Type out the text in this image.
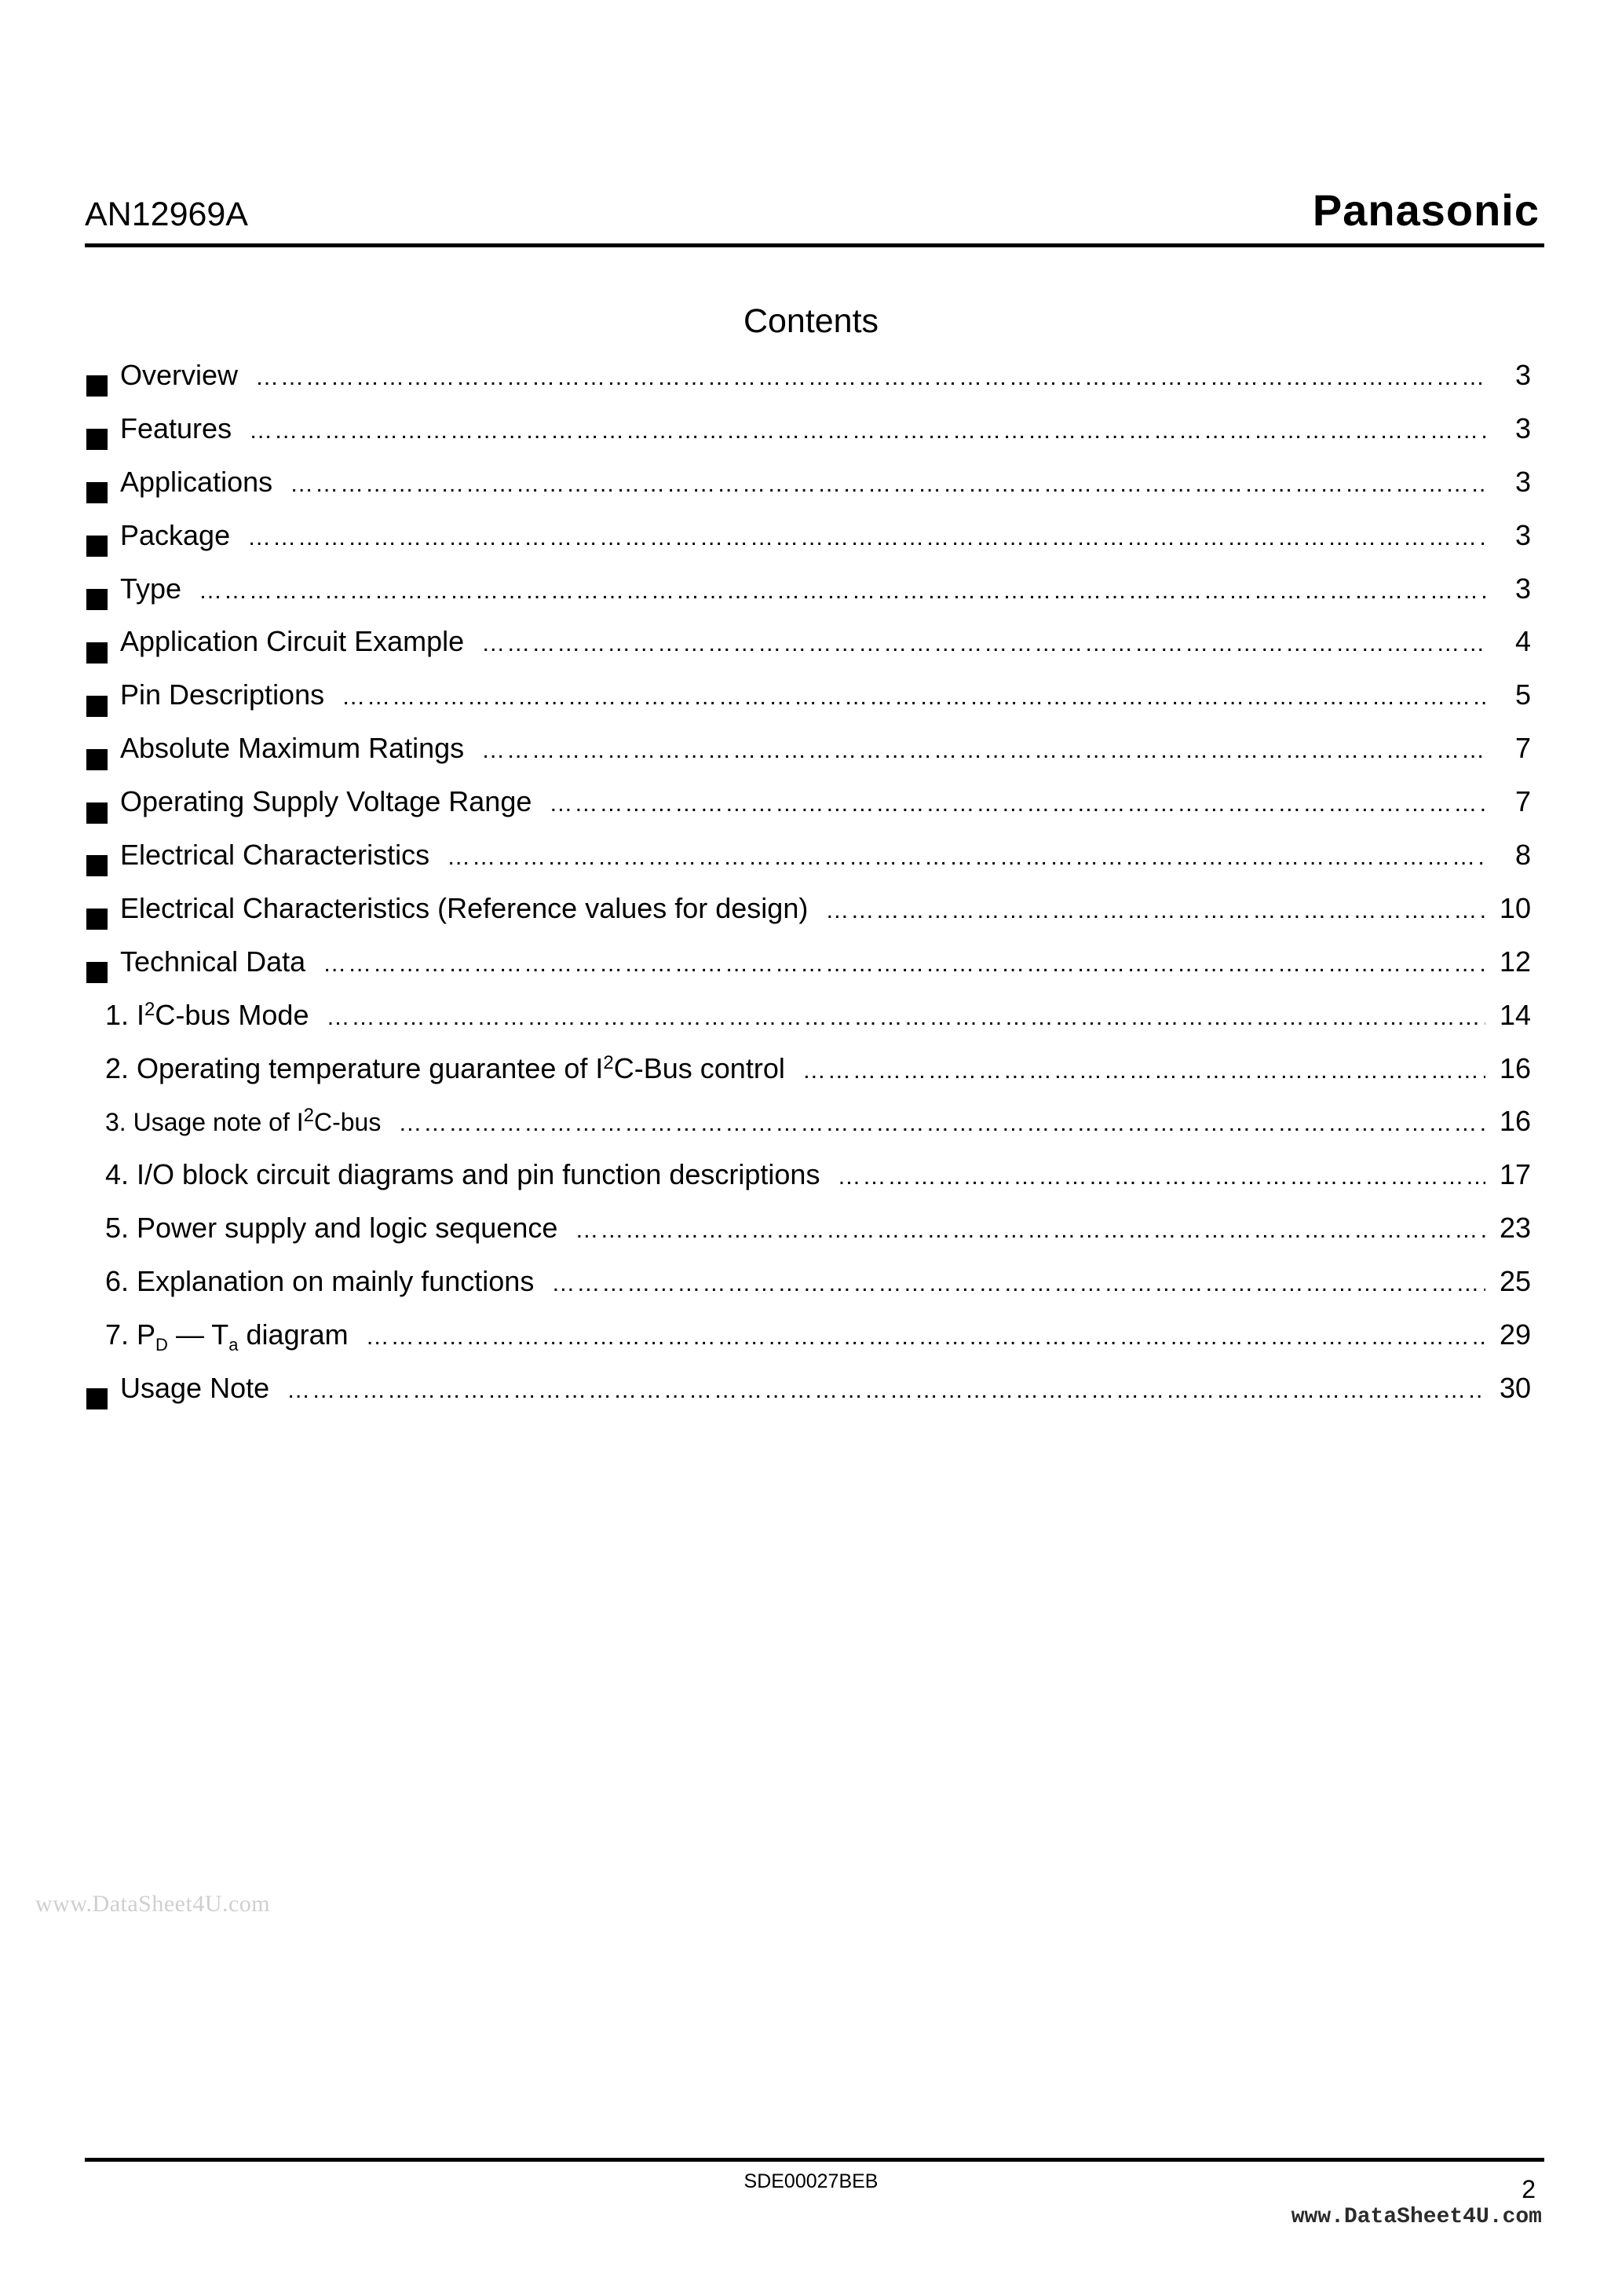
AN12969A	Panasonic
Contents
Overview ………………………………………………………………………………………………………………………………………………………………………………………………………………………………	3
Features ………………………………………………………………………………………………………………………………………………………………………………………………………………………………	3
Applications ………………………………………………………………………………………………………………………………………………………………………………………………………………………………	3
Package ………………………………………………………………………………………………………………………………………………………………………………………………………………………………	3
Type ………………………………………………………………………………………………………………………………………………………………………………………………………………………………	3
Application Circuit Example ………………………………………………………………………………………………………………………………………………………………………………………………………………………………	4
Pin Descriptions ………………………………………………………………………………………………………………………………………………………………………………………………………………………………	5
Absolute Maximum Ratings ………………………………………………………………………………………………………………………………………………………………………………………………………………………………	7
Operating Supply Voltage Range ………………………………………………………………………………………………………………………………………………………………………………………………………………………………	7
Electrical Characteristics ………………………………………………………………………………………………………………………………………………………………………………………………………………………………	8
Electrical Characteristics (Reference values for design) ………………………………………………………………………………………………………………………………………………………………………………………………………………………………	10
Technical Data ………………………………………………………………………………………………………………………………………………………………………………………………………………………………	12
1. $I^2C$-bus Mode ………………………………………………………………………………………………………………………………………………………………………………………………………………………………	14
2. Operating temperature guarantee of $I^2C$-Bus control ………………………………………………………………………………………………………………………………………………………………………………………………………………………………	16
3. Usage note of $I^2C$-bus ………………………………………………………………………………………………………………………………………………………………………………………………………………………………	16
4. I/O block circuit diagrams and pin function descriptions ………………………………………………………………………………………………………………………………………………………………………………………………………………………………	17
5. Power supply and logic sequence ………………………………………………………………………………………………………………………………………………………………………………………………………………………………	23
6. Explanation on mainly functions ………………………………………………………………………………………………………………………………………………………………………………………………………………………………	25
7. $P_D$ — $T_a$ diagram ………………………………………………………………………………………………………………………………………………………………………………………………………………………………	29
Usage Note ………………………………………………………………………………………………………………………………………………………………………………………………………………………………	30
www.DataSheet4U.com
SDE00027BEB	2
www.DataSheet4U.com
